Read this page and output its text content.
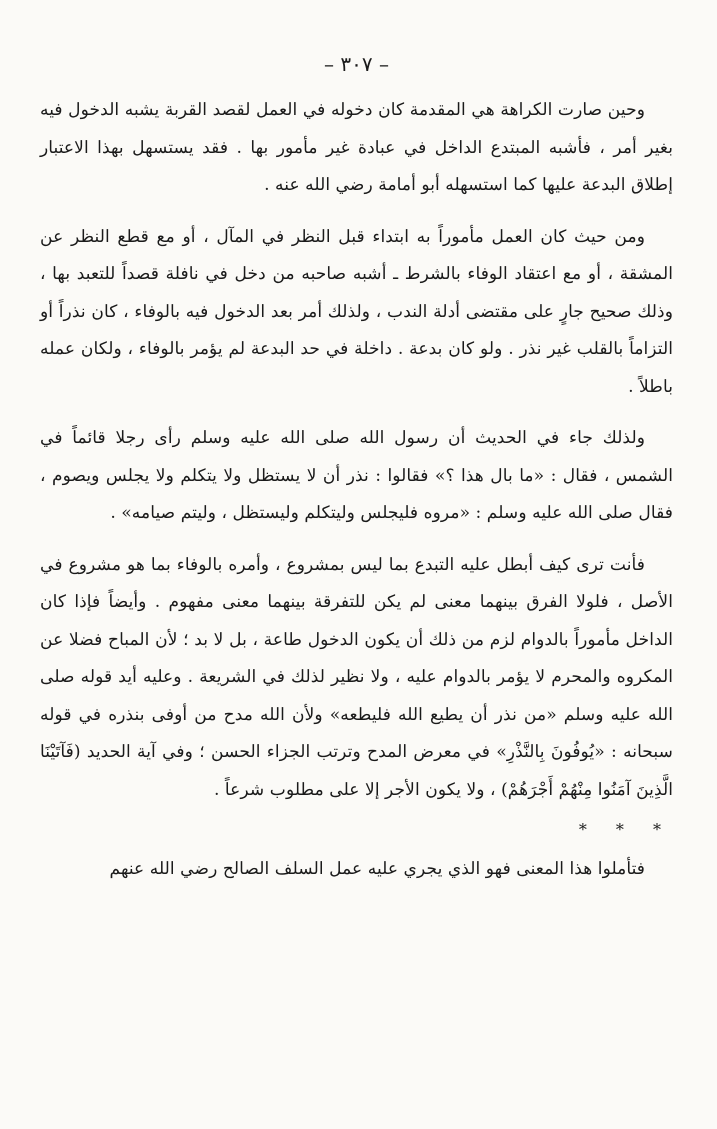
– ٣٠٧ –

وحين صارت الكراهة هي المقدمة كان دخوله في العمل لقصد القربة يشبه الدخول فيه بغير أمر ، فأشبه المبتدع الداخل في عبادة غير مأمور بها . فقد يستسهل بهذا الاعتبار إطلاق البدعة عليها كما استسهله أبو أمامة رضي الله عنه .

ومن حيث كان العمل مأموراً به ابتداء قبل النظر في المآل ، أو مع قطع النظر عن المشقة ، أو مع اعتقاد الوفاء بالشرط ـ أشبه صاحبه من دخل في نافلة قصداً للتعبد بها ، وذلك صحيح جارٍ على مقتضى أدلة الندب ، ولذلك أمر بعد الدخول فيه بالوفاء ، كان نذراً أو التزاماً بالقلب غير نذر . ولو كان بدعة . داخلة في حد البدعة لم يؤمر بالوفاء ، ولكان عمله باطلاً .

ولذلك جاء في الحديث أن رسول الله صلى الله عليه وسلم رأى رجلا قائماً في الشمس ، فقال : «ما بال هذا ؟» فقالوا : نذر أن لا يستظل ولا يتكلم ولا يجلس ويصوم ، فقال صلى الله عليه وسلم : «مروه فليجلس وليتكلم وليستظل ، وليتم صيامه» .

فأنت ترى كيف أبطل عليه التبدع بما ليس بمشروع ، وأمره بالوفاء بما هو مشروع في الأصل ، فلولا الفرق بينهما معنى لم يكن للتفرقة بينهما معنى مفهوم . وأيضاً فإذا كان الداخل مأموراً بالدوام لزم من ذلك أن يكون الدخول طاعة ، بل لا بد ؛ لأن المباح فضلا عن المكروه والمحرم لا يؤمر بالدوام عليه ، ولا نظير لذلك في الشريعة . وعليه أيد قوله صلى الله عليه وسلم «من نذر أن يطيع الله فليطعه» ولأن الله مدح من أوفى بنذره في قوله سبحانه : «يُوفُونَ بِالنَّذْرِ» في معرض المدح وترتب الجزاء الحسن ؛ وفي آية الحديد (فَآتَيْنَا الَّذِينَ آمَنُوا مِنْهُمْ أَجْرَهُمْ) ، ولا يكون الأجر إلا على مطلوب شرعاً .

* * *

فتأملوا هذا المعنى فهو الذي يجري عليه عمل السلف الصالح رضي الله عنهم
